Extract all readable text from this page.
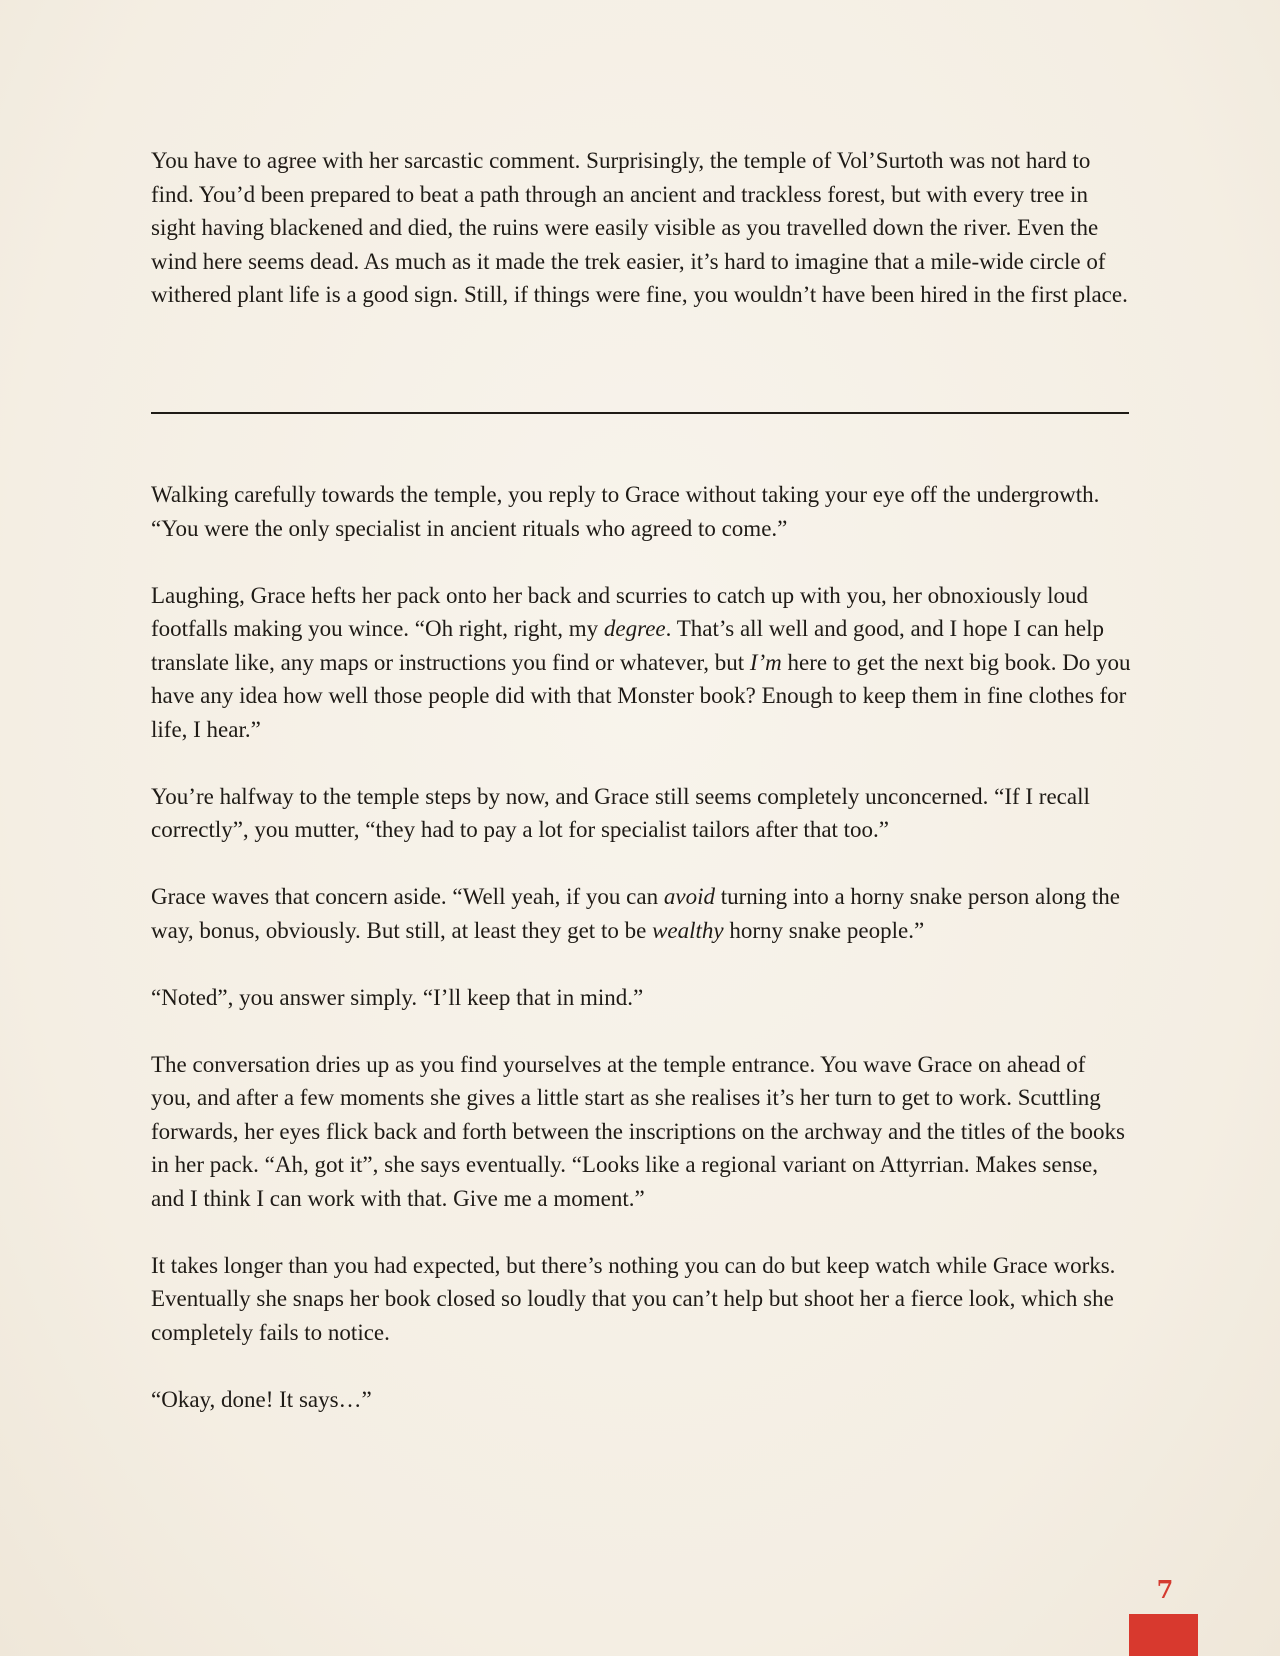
You have to agree with her sarcastic comment. Surprisingly, the temple of Vol’Surtoth was not hard to find. You’d been prepared to beat a path through an ancient and trackless forest, but with every tree in sight having blackened and died, the ruins were easily visible as you travelled down the river. Even the wind here seems dead. As much as it made the trek easier, it’s hard to imagine that a mile-wide circle of withered plant life is a good sign. Still, if things were fine, you wouldn’t have been hired in the first place.

Walking carefully towards the temple, you reply to Grace without taking your eye off the undergrowth. “You were the only specialist in ancient rituals who agreed to come.”

Laughing, Grace hefts her pack onto her back and scurries to catch up with you, her obnoxiously loud footfalls making you wince. “Oh right, right, my degree. That’s all well and good, and I hope I can help translate like, any maps or instructions you find or whatever, but I’m here to get the next big book. Do you have any idea how well those people did with that Monster book? Enough to keep them in fine clothes for life, I hear.”

You’re halfway to the temple steps by now, and Grace still seems completely unconcerned. “If I recall correctly”, you mutter, “they had to pay a lot for specialist tailors after that too.”

Grace waves that concern aside. “Well yeah, if you can avoid turning into a horny snake person along the way, bonus, obviously. But still, at least they get to be wealthy horny snake people.”

“Noted”, you answer simply. “I’ll keep that in mind.”

The conversation dries up as you find yourselves at the temple entrance. You wave Grace on ahead of you, and after a few moments she gives a little start as she realises it’s her turn to get to work. Scuttling forwards, her eyes flick back and forth between the inscriptions on the archway and the titles of the books in her pack. “Ah, got it”, she says eventually. “Looks like a regional variant on Attyrrian. Makes sense, and I think I can work with that. Give me a moment.”

It takes longer than you had expected, but there’s nothing you can do but keep watch while Grace works. Eventually she snaps her book closed so loudly that you can’t help but shoot her a fierce look, which she completely fails to notice.

“Okay, done! It says…”

7
